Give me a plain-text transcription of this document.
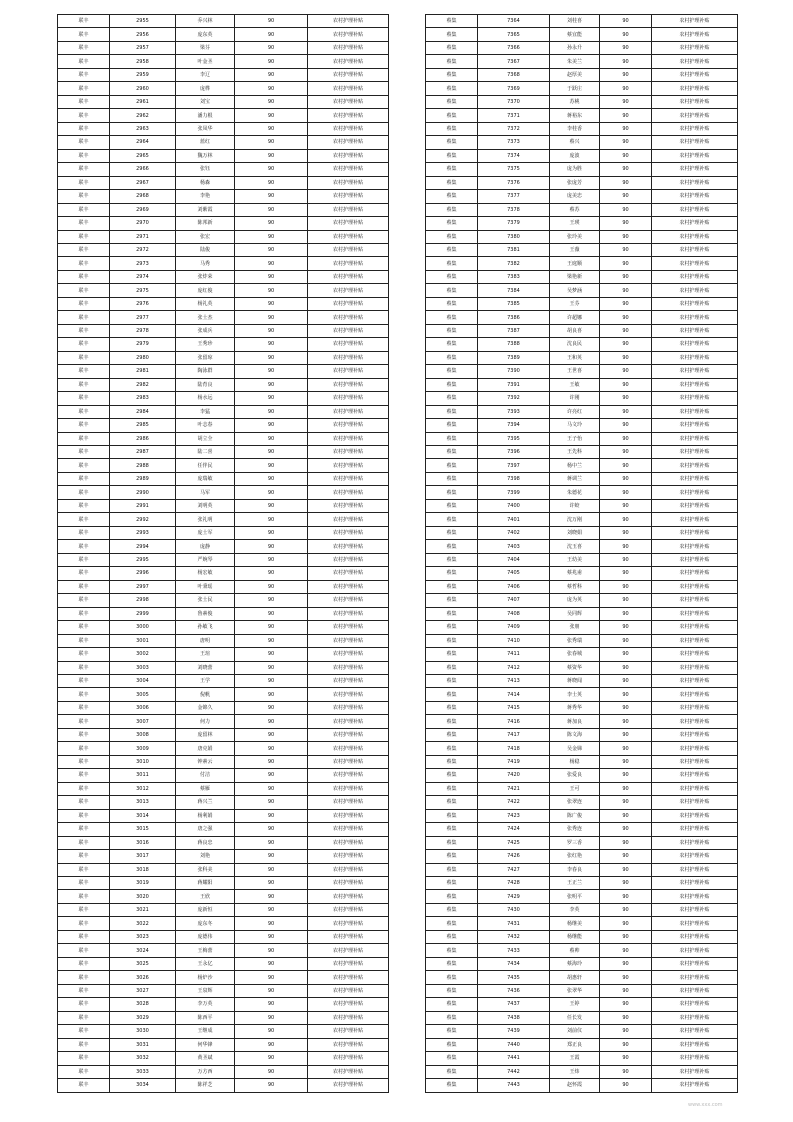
联丰	2955	乔兴林	90	农村护理补贴
联丰	2956	庞东英	90	农村护理补贴
联丰	2957	梁芬	90	农村护理补贴
联丰	2958	叶金圣	90	农村护理补贴
联丰	2959	李辽	90	农村护理补贴
联丰	2960	庞桦	90	农村护理补贴
联丰	2961	刘宝	90	农村护理补贴
联丰	2962	潘力根	90	农村护理补贴
联丰	2963	张凤华	90	农村护理补贴
联丰	2964	蓝红	90	农村护理补贴
联丰	2965	魏万林	90	农村护理补贴
联丰	2966	张钰	90	农村护理补贴
联丰	2967	杨森	90	农村护理补贴
联丰	2968	李艳	90	农村护理补贴
联丰	2969	刘紫霞	90	农村护理补贴
联丰	2970	陈邦新	90	农村护理补贴
联丰	2971	张宏	90	农村护理补贴
联丰	2972	陆俊	90	农村护理补贴
联丰	2973	马秀	90	农村护理补贴
联丰	2974	张炸荣	90	农村护理补贴
联丰	2975	庞红俊	90	农村护理补贴
联丰	2976	杨礼英	90	农村护理补贴
联丰	2977	张士杰	90	农村护理补贴
联丰	2978	张成兵	90	农村护理补贴
联丰	2979	王秀珍	90	农村护理补贴
联丰	2980	张留琼	90	农村护理补贴
联丰	2981	陶泳群	90	农村护理补贴
联丰	2982	陆育良	90	农村护理补贴
联丰	2983	杨水远	90	农村护理补贴
联丰	2984	李猛	90	农村护理补贴
联丰	2985	叶志春	90	农村护理补贴
联丰	2986	胡立全	90	农村护理补贴
联丰	2987	陆二喜	90	农村护理补贴
联丰	2988	任伴民	90	农村护理补贴
联丰	2989	庞瑞敏	90	农村护理补贴
联丰	2990	马军	90	农村护理补贴
联丰	2991	刘明英	90	农村护理补贴
联丰	2992	张礼明	90	农村护理补贴
联丰	2993	庞士军	90	农村护理补贴
联丰	2994	庞静	90	农村护理补贴
联丰	2995	严婉琴	90	农村护理补贴
联丰	2996	杨宏敏	90	农村护理补贴
联丰	2997	叶秉瑶	90	农村护理补贴
联丰	2998	张士民	90	农村护理补贴
联丰	2999	鲁素俊	90	农村护理补贴
联丰	3000	孙敏飞	90	农村护理补贴
联丰	3001	唐明	90	农村护理补贴
联丰	3002	王瑄	90	农村护理补贴
联丰	3003	刘晓蕾	90	农村护理补贴
联丰	3004	王学	90	农村护理补贴
联丰	3005	倪帆	90	农村护理补贴
联丰	3006	金锦久	90	农村护理补贴
联丰	3007	何力	90	农村护理补贴
联丰	3008	庞留林	90	农村护理补贴
联丰	3009	唐克娟	90	农村护理补贴
联丰	3010	钟素云	90	农村护理补贴
联丰	3011	付洁	90	农村护理补贴
联丰	3012	蔡雁	90	农村护理补贴
联丰	3013	蒋兴兰	90	农村护理补贴
联丰	3014	杨利娟	90	农村护理补贴
联丰	3015	唐之强	90	农村护理补贴
联丰	3016	蒋良忠	90	农村护理补贴
联丰	3017	刘艳	90	农村护理补贴
联丰	3018	张科美	90	农村护理补贴
联丰	3019	蒋耀阳	90	农村护理补贴
联丰	3020	王欣	90	农村护理补贴
联丰	3021	庞新恒	90	农村护理补贴
联丰	3022	庞东冬	90	农村护理补贴
联丰	3023	庞德伟	90	农村护理补贴
联丰	3024	王梅蕾	90	农村护理补贴
联丰	3025	王永亿	90	农村护理补贴
联丰	3026	杨炉沙	90	农村护理补贴
联丰	3027	王泉辉	90	农村护理补贴
联丰	3028	李万英	90	农村护理补贴
联丰	3029	陈西平	90	农村护理补贴
联丰	3030	王继成	90	农村护理补贴
联丰	3031	何华锋	90	农村护理补贴
联丰	3032	黄圣斌	90	农村护理补贴
联丰	3033	万方西	90	农村护理补贴
联丰	3034	陈祥芝	90	农村护理补贴
蔡集	7364	刘桂喜	90	农村护理补贴
蔡集	7365	蔡宜能	90	农村护理补贴
蔡集	7366	孙永升	90	农村护理补贴
蔡集	7367	朱美兰	90	农村护理补贴
蔡集	7368	赵厚美	90	农村护理补贴
蔡集	7369	于跃庄	90	农村护理补贴
蔡集	7370	苏桃	90	农村护理补贴
蔡集	7371	蒋裕东	90	农村护理补贴
蔡集	7372	李桂香	90	农村护理补贴
蔡集	7373	蔡兴	90	农村护理补贴
蔡集	7374	庞波	90	农村护理补贴
蔡集	7375	庞为胜	90	农村护理补贴
蔡集	7376	张庞芳	90	农村护理补贴
蔡集	7377	庞美忠	90	农村护理补贴
蔡集	7378	蔡苏	90	农村护理补贴
蔡集	7379	王瑛	90	农村护理补贴
蔡集	7380	张玲美	90	农村护理补贴
蔡集	7381	王薇	90	农村护理补贴
蔡集	7382	王庭顺	90	农村护理补贴
蔡集	7383	梁艳新	90	农村护理补贴
蔡集	7384	吴梦涵	90	农村护理补贴
蔡集	7385	王芬	90	农村护理补贴
蔡集	7386	许超娜	90	农村护理补贴
蔡集	7387	胡良喜	90	农村护理补贴
蔡集	7388	沈良民	90	农村护理补贴
蔡集	7389	王和英	90	农村护理补贴
蔡集	7390	王世喜	90	农村护理补贴
蔡集	7391	王敏	90	农村护理补贴
蔡集	7392	许刚	90	农村护理补贴
蔡集	7393	许亮红	90	农村护理补贴
蔡集	7394	马文玲	90	农村护理补贴
蔡集	7395	王子怡	90	农村护理补贴
蔡集	7396	王先科	90	农村护理补贴
蔡集	7397	杨中兰	90	农村护理补贴
蔡集	7398	蒋调兰	90	农村护理补贴
蔡集	7399	朱德花	90	农村护理补贴
蔡集	7400	许蛟	90	农村护理补贴
蔡集	7401	沈万刚	90	农村护理补贴
蔡集	7402	刘晓娟	90	农村护理补贴
蔡集	7403	沈玉喜	90	农村护理补贴
蔡集	7404	王幼美	90	农村护理补贴
蔡集	7405	蔡兆甫	90	农村护理补贴
蔡集	7406	蔡哲科	90	农村护理补贴
蔡集	7407	庞为英	90	农村护理补贴
蔡集	7408	吴同辉	90	农村护理补贴
蔡集	7409	张朋	90	农村护理补贴
蔡集	7410	张秀瑞	90	农村护理补贴
蔡集	7411	张春城	90	农村护理补贴
蔡集	7412	蔡资华	90	农村护理补贴
蔡集	7413	蒋晓闻	90	农村护理补贴
蔡集	7414	李士英	90	农村护理补贴
蔡集	7415	蒋秀华	90	农村护理补贴
蔡集	7416	蒋加良	90	农村护理补贴
蔡集	7417	陈文海	90	农村护理补贴
蔡集	7418	吴金娣	90	农村护理补贴
蔡集	7419	杨稳	90	农村护理补贴
蔡集	7420	张爱良	90	农村护理补贴
蔡集	7421	王可	90	农村护理补贴
蔡集	7422	张翠连	90	农村护理补贴
蔡集	7423	陈广俊	90	农村护理补贴
蔡集	7424	张秀连	90	农村护理补贴
蔡集	7425	罗三香	90	农村护理补贴
蔡集	7426	张红艳	90	农村护理补贴
蔡集	7427	李春良	90	农村护理补贴
蔡集	7428	王正兰	90	农村护理补贴
蔡集	7429	张明平	90	农村护理补贴
蔡集	7430	李英	90	农村护理补贴
蔡集	7431	杨继美	90	农村护理补贴
蔡集	7432	杨继能	90	农村护理补贴
蔡集	7433	蔡帅	90	农村护理补贴
蔡集	7434	蔡海玲	90	农村护理补贴
蔡集	7435	胡惠轩	90	农村护理补贴
蔡集	7436	张翠华	90	农村护理补贴
蔡集	7437	王婷	90	农村护理补贴
蔡集	7438	任长发	90	农村护理补贴
蔡集	7439	刘前仪	90	农村护理补贴
蔡集	7440	郑正良	90	农村护理补贴
蔡集	7441	王霞	90	农村护理补贴
蔡集	7442	王炜	90	农村护理补贴
蔡集	7443	赵怀霞	90	农村护理补贴
www.xxx.com
